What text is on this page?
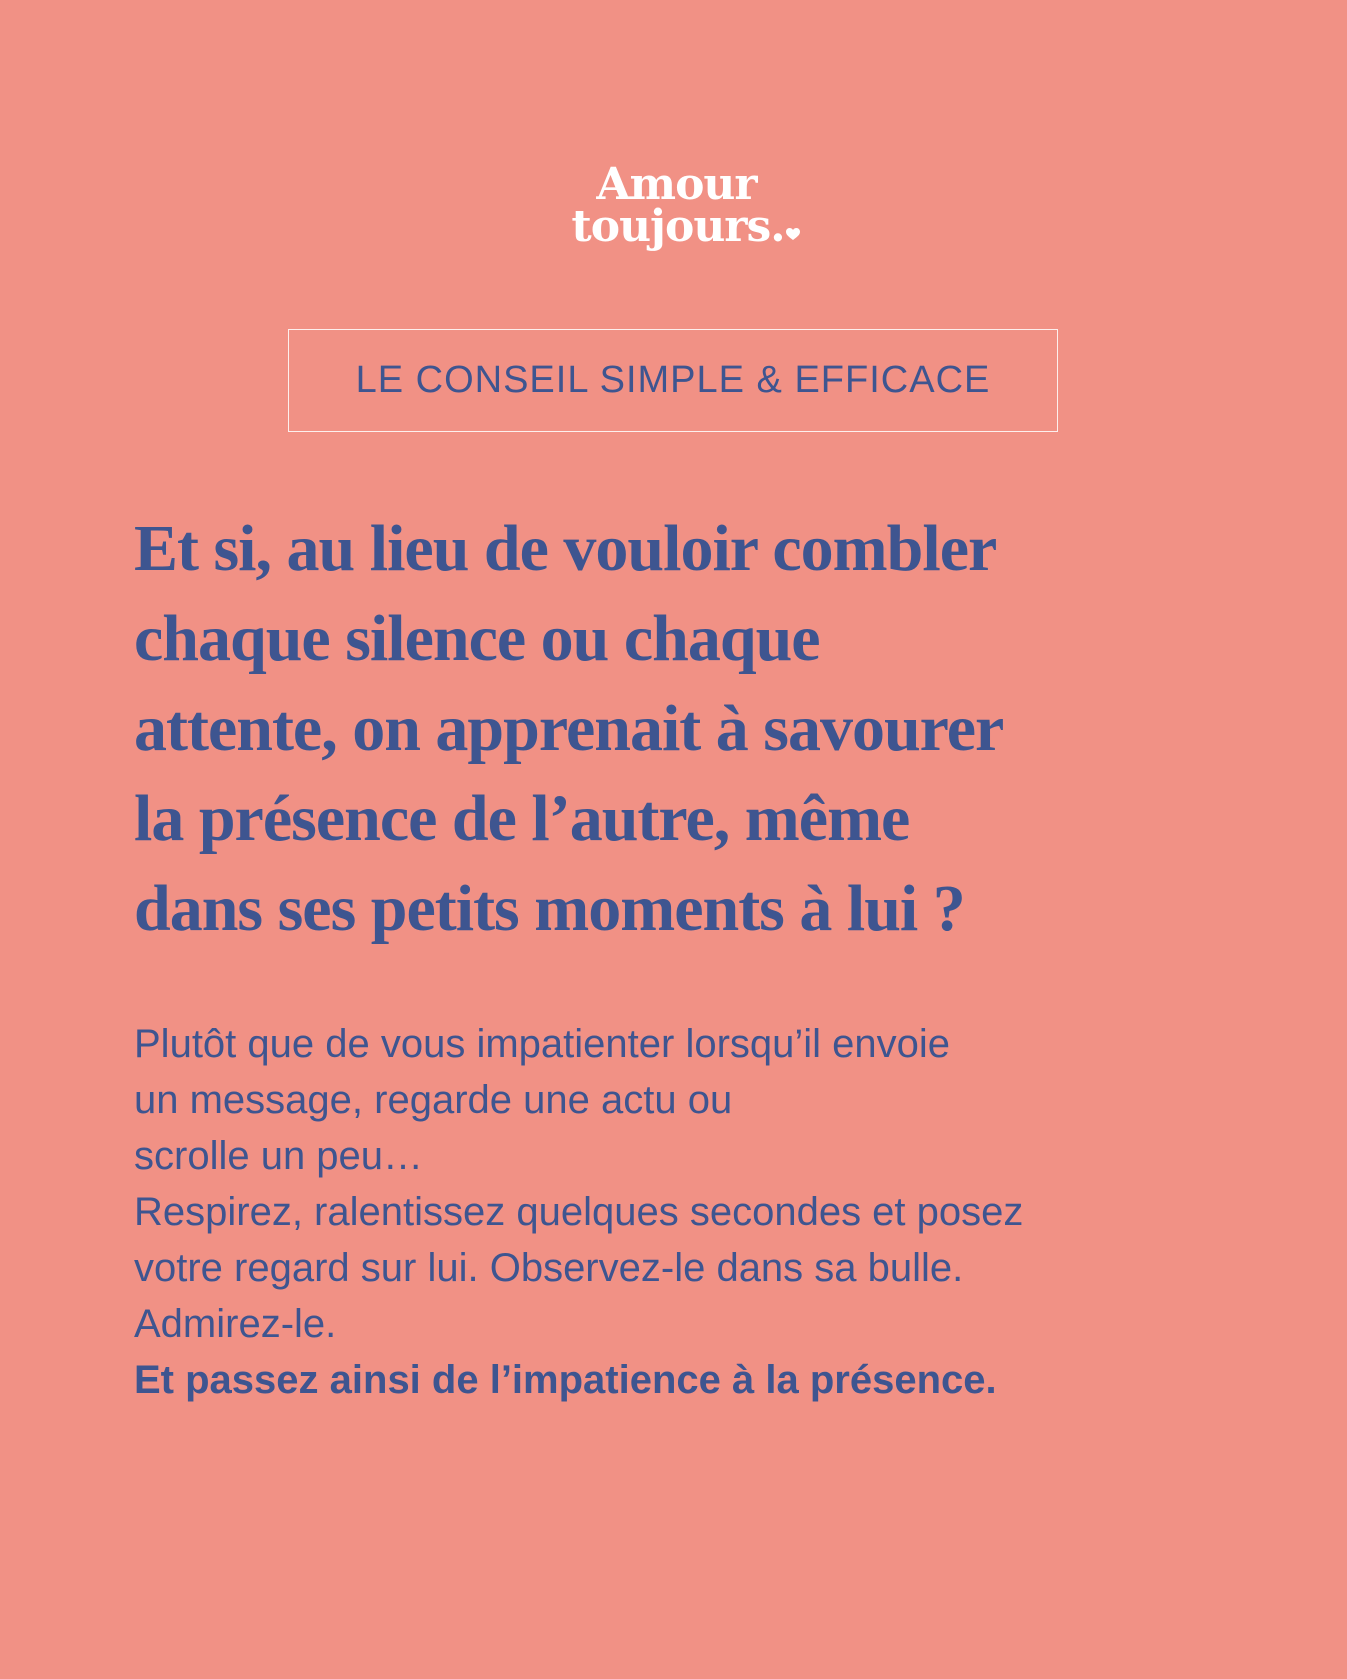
Amour
toujours.
LE CONSEIL SIMPLE & EFFICACE
Et si, au lieu de vouloir combler
chaque silence ou chaque
attente, on apprenait à savourer
la présence de l’autre, même
dans ses petits moments à lui ?
Plutôt que de vous impatienter lorsqu’il envoie
un message, regarde une actu ou
scrolle un peu…
Respirez, ralentissez quelques secondes et posez
votre regard sur lui. Observez-le dans sa bulle.
Admirez-le.
Et passez ainsi de l’impatience à la présence.
